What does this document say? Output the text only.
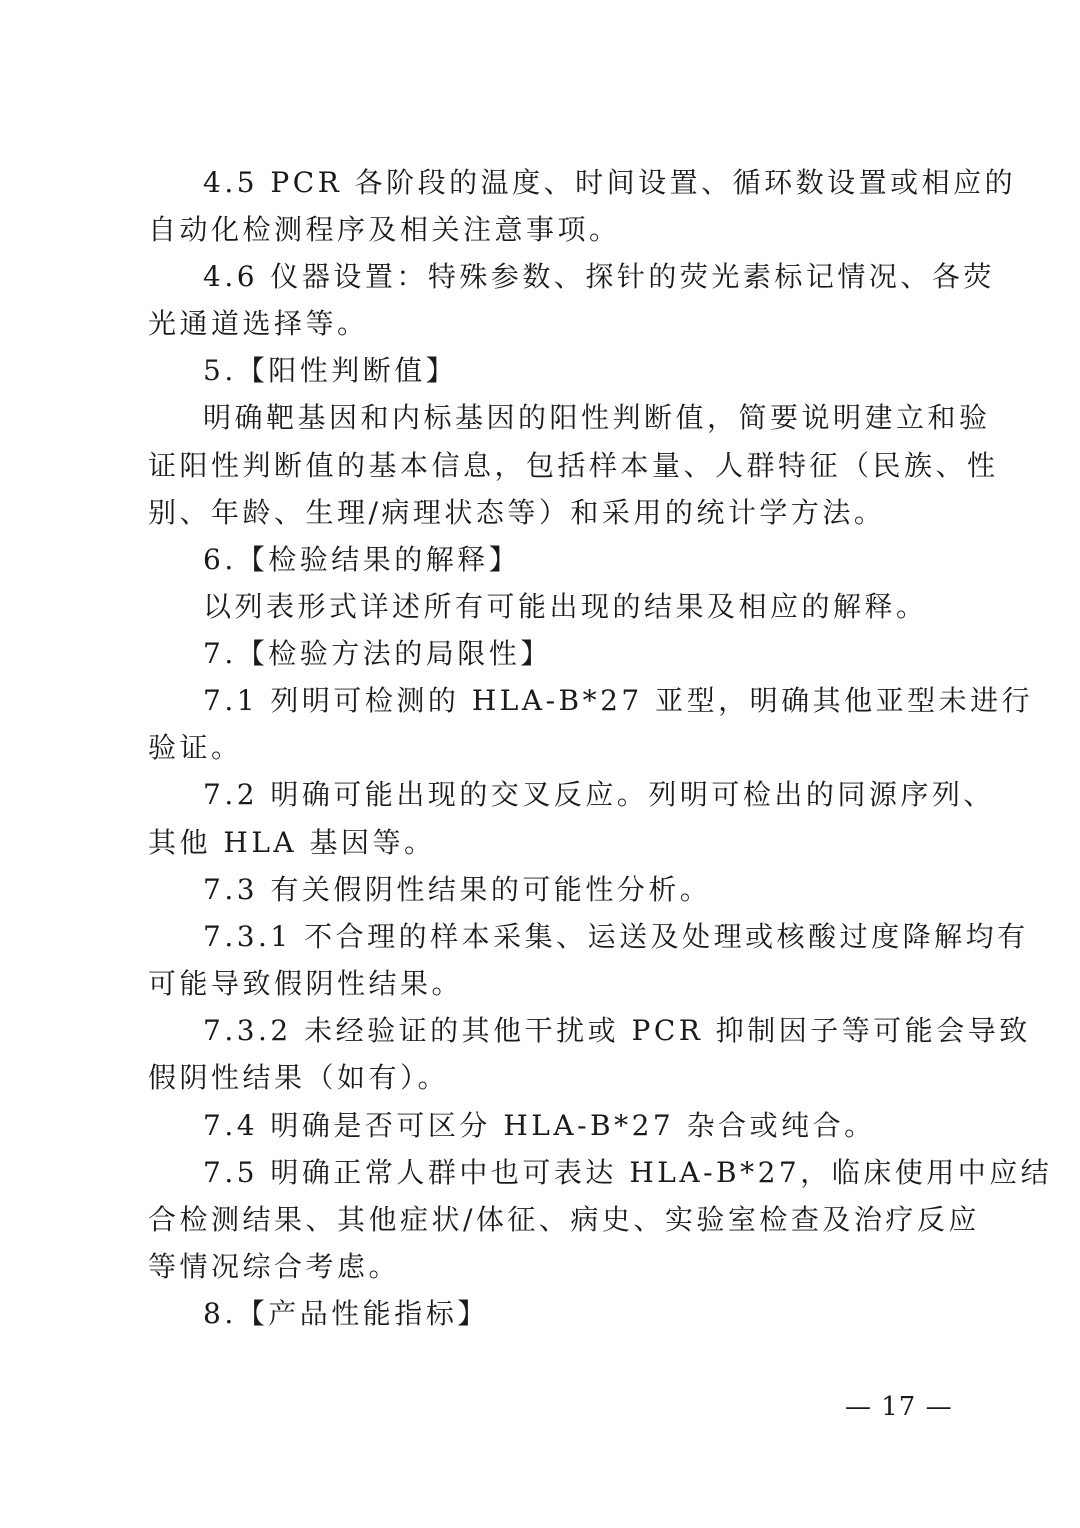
4.5 PCR 各阶段的温度、时间设置、循环数设置或相应的
自动化检测程序及相关注意事项。
4.6 仪器设置：特殊参数、探针的荧光素标记情况、各荧
光通道选择等。
5.【阳性判断值】
明确靶基因和内标基因的阳性判断值，简要说明建立和验
证阳性判断值的基本信息，包括样本量、人群特征（民族、性
别、年龄、生理/病理状态等）和采用的统计学方法。
6.【检验结果的解释】
以列表形式详述所有可能出现的结果及相应的解释。
7.【检验方法的局限性】
7.1 列明可检测的 HLA-B*27 亚型，明确其他亚型未进行
验证。
7.2 明确可能出现的交叉反应。列明可检出的同源序列、
其他 HLA 基因等。
7.3 有关假阴性结果的可能性分析。
7.3.1 不合理的样本采集、运送及处理或核酸过度降解均有
可能导致假阴性结果。
7.3.2 未经验证的其他干扰或 PCR 抑制因子等可能会导致
假阴性结果（如有）。
7.4 明确是否可区分 HLA-B*27 杂合或纯合。
7.5 明确正常人群中也可表达 HLA-B*27，临床使用中应结
合检测结果、其他症状/体征、病史、实验室检查及治疗反应
等情况综合考虑。
8.【产品性能指标】
— 17 —
